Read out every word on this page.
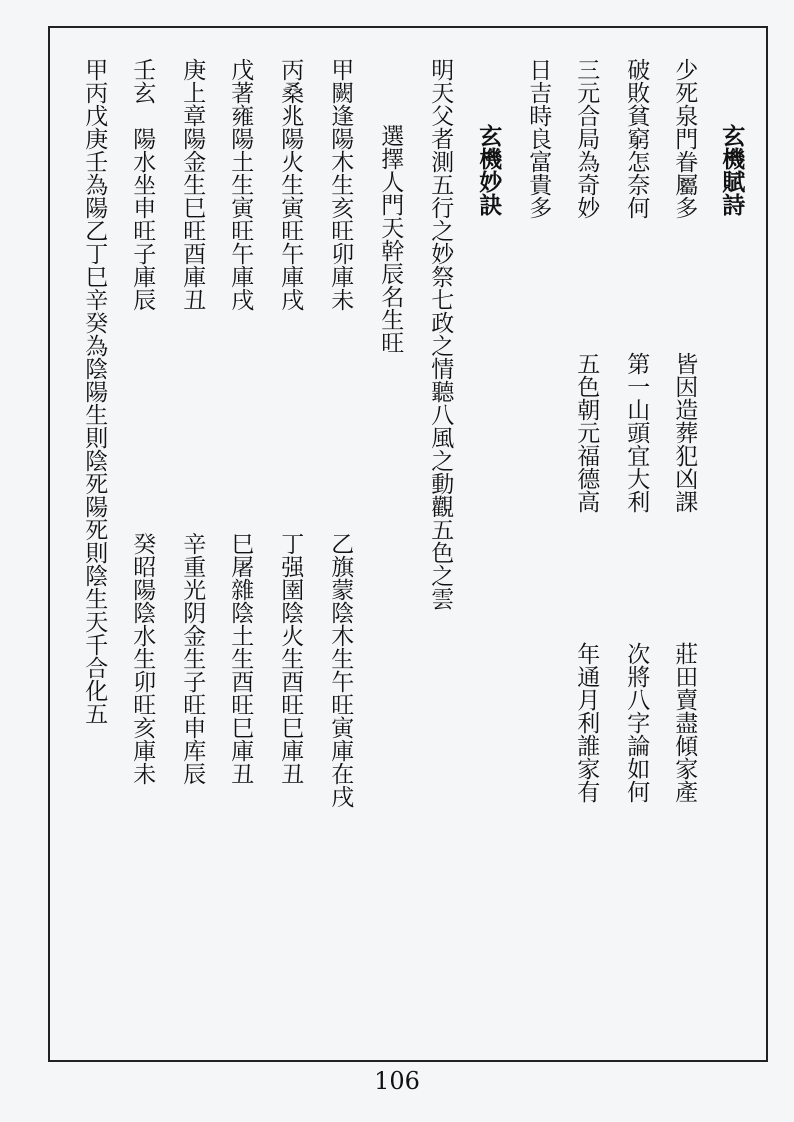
玄機賦詩

少死泉門眷屬多

皆因造葬犯凶課

莊田賣盡傾家產

破敗貧窮怎奈何

第一山頭宜大利

次將八字論如何

三元合局為奇妙

五色朝元福德高

年通月利誰家有

日吉時良富貴多

玄機妙訣

明天父者測五行之妙祭七政之情聽八風之動觀五色之雲

選擇人門天幹辰名生旺

甲闕逢陽木生亥旺卯庫未

乙旗蒙陰木生午旺寅庫在戌

丙桑兆陽火生寅旺午庫戌

丁强圉陰火生酉旺巳庫丑

戊著雍陽土生寅旺午庫戌

巳屠雜陰土生酉旺巳庫丑

庚上章陽金生巳旺酉庫丑

辛重光阴金生子旺申库辰

壬玄　陽水坐申旺子庫辰

癸昭陽陰水生卯旺亥庫未

甲丙戊庚壬為陽乙丁巳辛癸為陰陽生則陰死陽死則陰生天千合化五

106
